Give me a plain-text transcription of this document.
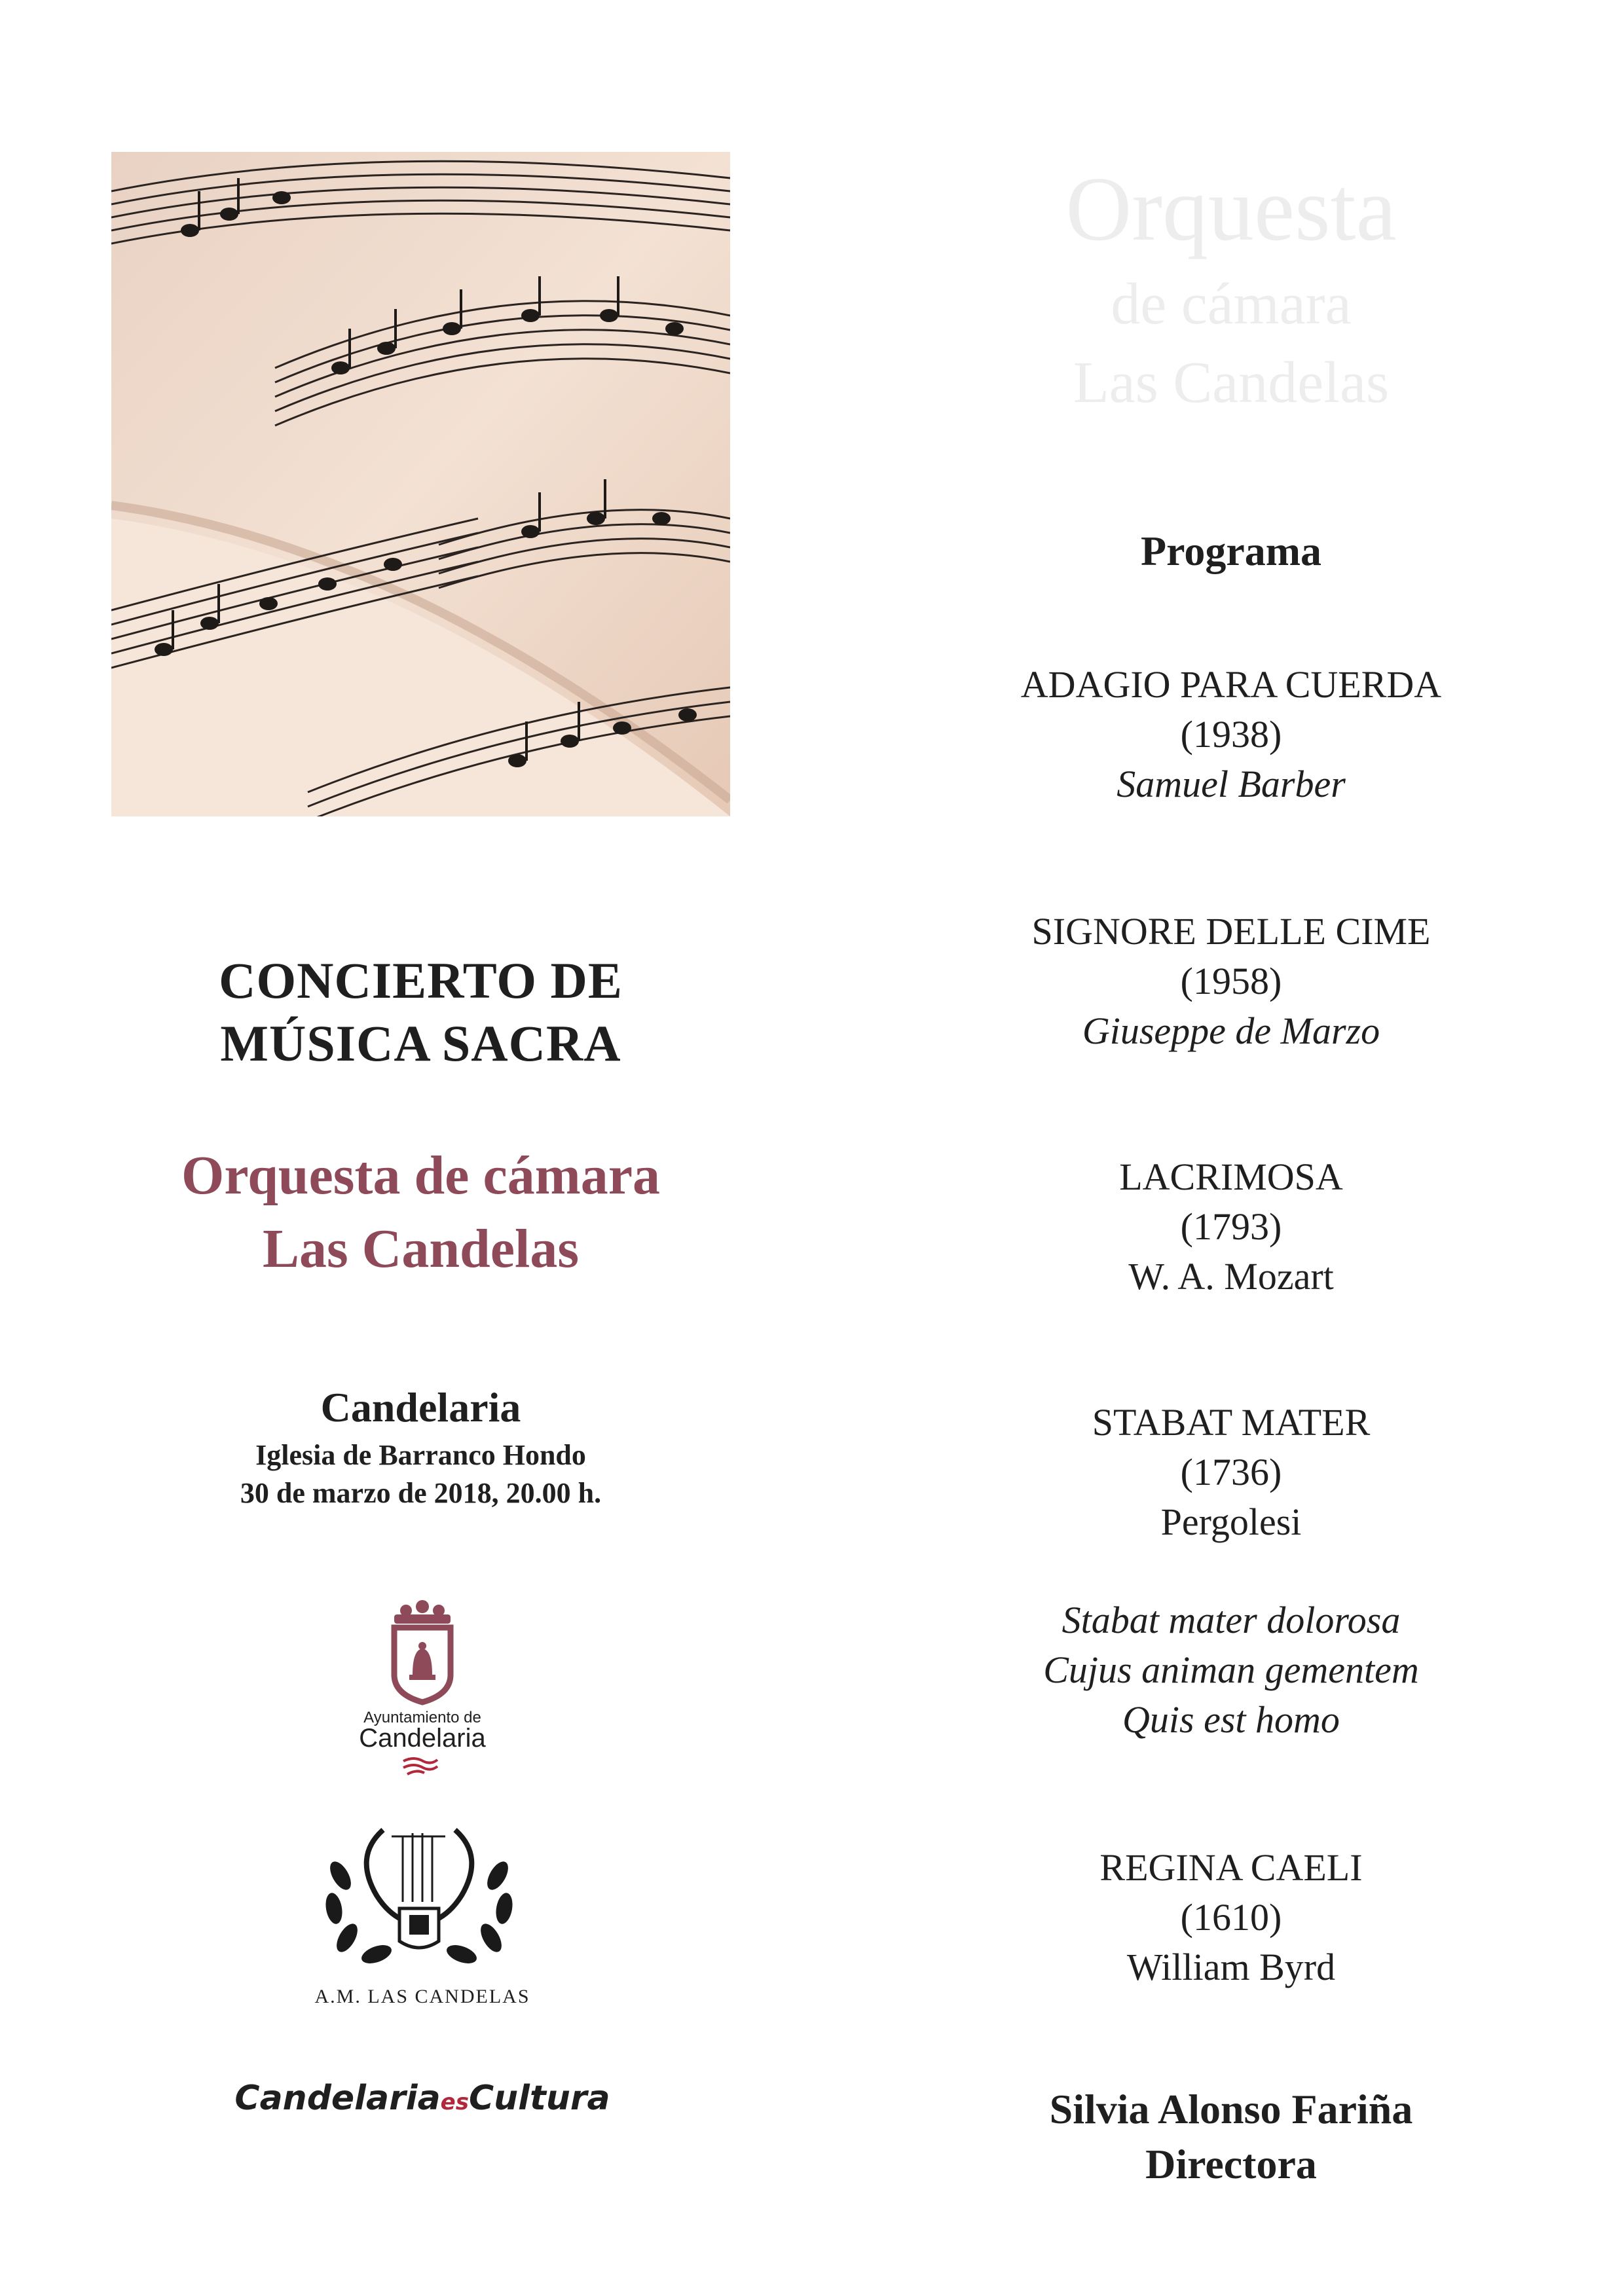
CONCIERTO DE
MÚSICA SACRA
Orquesta de cámara
Las Candelas
Candelaria
Iglesia de Barranco Hondo
30 de marzo de 2018, 20.00 h.
Ayuntamiento de
Candelaria
A.M. LAS CANDELAS
CandelariaesCultura
Orquesta
de cámara
Las Candelas
Programa
ADAGIO PARA CUERDA
(1938)
Samuel Barber
SIGNORE DELLE CIME
(1958)
Giuseppe de Marzo
LACRIMOSA
(1793)
W. A. Mozart
STABAT MATER
(1736)
Pergolesi
Stabat mater dolorosa
Cujus animan gementem
Quis est homo
REGINA CAELI
(1610)
William Byrd
Silvia Alonso Fariña
Directora
